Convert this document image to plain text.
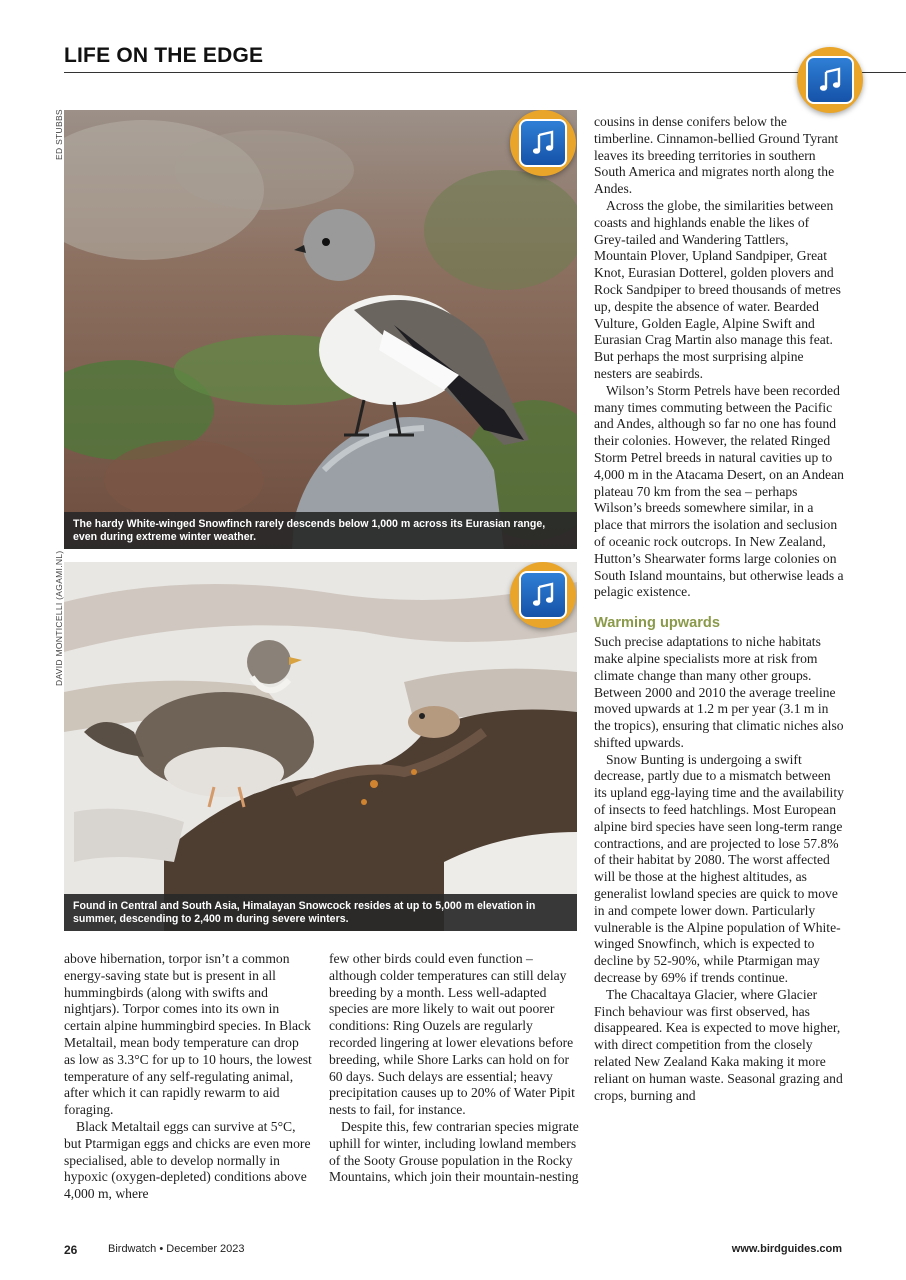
LIFE ON THE EDGE
ED STUBBS
DAVID MONTICELLI (AGAMI.NL)
The hardy White-winged Snowfinch rarely descends below 1,000 m across its Eurasian range, even during extreme winter weather.
Found in Central and South Asia, Himalayan Snowcock resides at up to 5,000 m elevation in summer, descending to 2,400 m during severe winters.

above hibernation, torpor isn’t a common energy-saving state but is present in all hummingbirds (along with swifts and nightjars). Torpor comes into its own in certain alpine hummingbird species. In Black Metaltail, mean body temperature can drop as low as 3.3°C for up to 10 hours, the lowest temperature of any self-regulating animal, after which it can rapidly rewarm to aid foraging.

Black Metaltail eggs can survive at 5°C, but Ptarmigan eggs and chicks are even more specialised, able to develop normally in hypoxic (oxygen-depleted) conditions above 4,000 m, where

few other birds could even function – although colder temperatures can still delay breeding by a month. Less well-adapted species are more likely to wait out poorer conditions: Ring Ouzels are regularly recorded lingering at lower elevations before breeding, while Shore Larks can hold on for 60 days. Such delays are essential; heavy precipitation causes up to 20% of Water Pipit nests to fail, for instance.

Despite this, few contrarian species migrate uphill for winter, including lowland members of the Sooty Grouse population in the Rocky Mountains, which join their mountain-nesting

cousins in dense conifers below the timberline. Cinnamon-bellied Ground Tyrant leaves its breeding territories in southern South America and migrates north along the Andes.

Across the globe, the similarities between coasts and highlands enable the likes of Grey-tailed and Wandering Tattlers, Mountain Plover, Upland Sandpiper, Great Knot, Eurasian Dotterel, golden plovers and Rock Sandpiper to breed thousands of metres up, despite the absence of water. Bearded Vulture, Golden Eagle, Alpine Swift and Eurasian Crag Martin also manage this feat. But perhaps the most surprising alpine nesters are seabirds.

Wilson’s Storm Petrels have been recorded many times commuting between the Pacific and Andes, although so far no one has found their colonies. However, the related Ringed Storm Petrel breeds in natural cavities up to 4,000 m in the Atacama Desert, on an Andean plateau 70 km from the sea – perhaps Wilson’s breeds somewhere similar, in a place that mirrors the isolation and seclusion of oceanic rock outcrops. In New Zealand, Hutton’s Shearwater forms large colonies on South Island mountains, but otherwise leads a pelagic existence.

Warming upwards

Such precise adaptations to niche habitats make alpine specialists more at risk from climate change than many other groups. Between 2000 and 2010 the average treeline moved upwards at 1.2 m per year (3.1 m in the tropics), ensuring that climatic niches also shifted upwards.

Snow Bunting is undergoing a swift decrease, partly due to a mismatch between its upland egg-laying time and the availability of insects to feed hatchlings. Most European alpine bird species have seen long-term range contractions, and are projected to lose 57.8% of their habitat by 2080. The worst affected will be those at the highest altitudes, as generalist lowland species are quick to move in and compete lower down. Particularly vulnerable is the Alpine population of White-winged Snowfinch, which is expected to decline by 52-90%, while Ptarmigan may decrease by 69% if trends continue.

The Chacaltaya Glacier, where Glacier Finch behaviour was first observed, has disappeared. Kea is expected to move higher, with direct competition from the closely related New Zealand Kaka making it more reliant on human waste. Seasonal grazing and crops, burning and

26	Birdwatch • December 2023	www.birdguides.com
